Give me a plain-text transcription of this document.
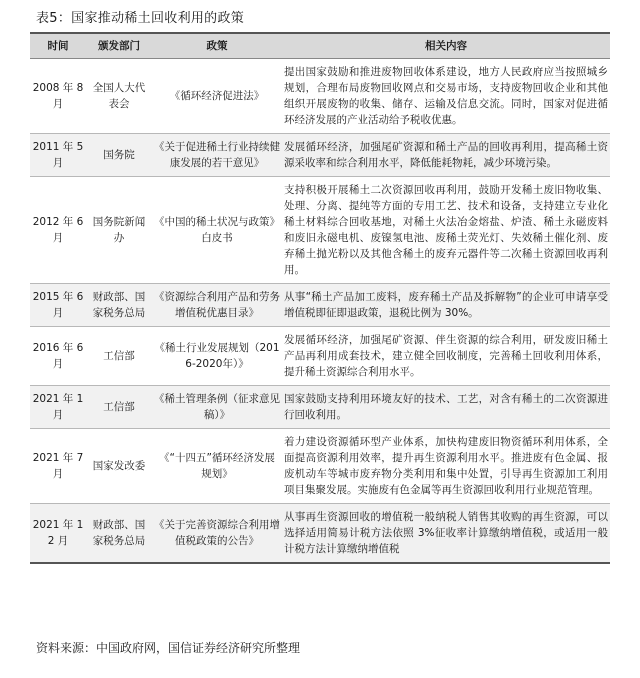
表5：国家推动稀土回收利用的政策
时间	颁发部门	政策	相关内容
2008 年 8 月	全国人大代表会	《循环经济促进法》	提出国家鼓励和推进废物回收体系建设，地方人民政府应当按照城乡规划，合理布局废物回收网点和交易市场，支持废物回收企业和其他组织开展废物的收集、储存、运输及信息交流。同时，国家对促进循环经济发展的产业活动给予税收优惠。
2011 年 5 月	国务院	《关于促进稀土行业持续健康发展的若干意见》	发展循环经济，加强尾矿资源和稀土产品的回收再利用，提高稀土资源采收率和综合利用水平，降低能耗物耗，减少环境污染。
2012 年 6 月	国务院新闻办	《中国的稀土状况与政策》白皮书	支持积极开展稀土二次资源回收再利用，鼓励开发稀土废旧物收集、处理、分离、提纯等方面的专用工艺、技术和设备，支持建立专业化稀土材料综合回收基地，对稀土火法冶金熔盐、炉渣、稀土永磁废料和废旧永磁电机、废镍氢电池、废稀土荧光灯、失效稀土催化剂、废弃稀土抛光粉以及其他含稀土的废弃元器件等二次稀土资源回收再利用。
2015 年 6 月	财政部、国家税务总局	《资源综合利用产品和劳务增值税优惠目录》	从事“稀土产品加工废料，废弃稀土产品及拆解物”的企业可申请享受增值税即征即退政策，退税比例为 30%。
2016 年 6 月	工信部	《稀土行业发展规划（2016-2020年）》	发展循环经济，加强尾矿资源、伴生资源的综合利用，研发废旧稀土产品再利用成套技术，建立健全回收制度，完善稀土回收利用体系，提升稀土资源综合利用水平。
2021 年 1 月	工信部	《稀土管理条例（征求意见稿）》	国家鼓励支持利用环境友好的技术、工艺，对含有稀土的二次资源进行回收利用。
2021 年 7 月	国家发改委	《“十四五”循环经济发展规划》	着力建设资源循环型产业体系，加快构建废旧物资循环利用体系，全面提高资源利用效率，提升再生资源利用水平。推进废有色金属、报废机动车等城市废弃物分类利用和集中处置，引导再生资源加工利用项目集聚发展。实施废有色金属等再生资源回收利用行业规范管理。
2021 年 12 月	财政部、国家税务总局	《关于完善资源综合利用增值税政策的公告》	从事再生资源回收的增值税一般纳税人销售其收购的再生资源，可以选择适用简易计税方法依照 3%征收率计算缴纳增值税，或适用一般计税方法计算缴纳增值税
资料来源：中国政府网，国信证券经济研究所整理
